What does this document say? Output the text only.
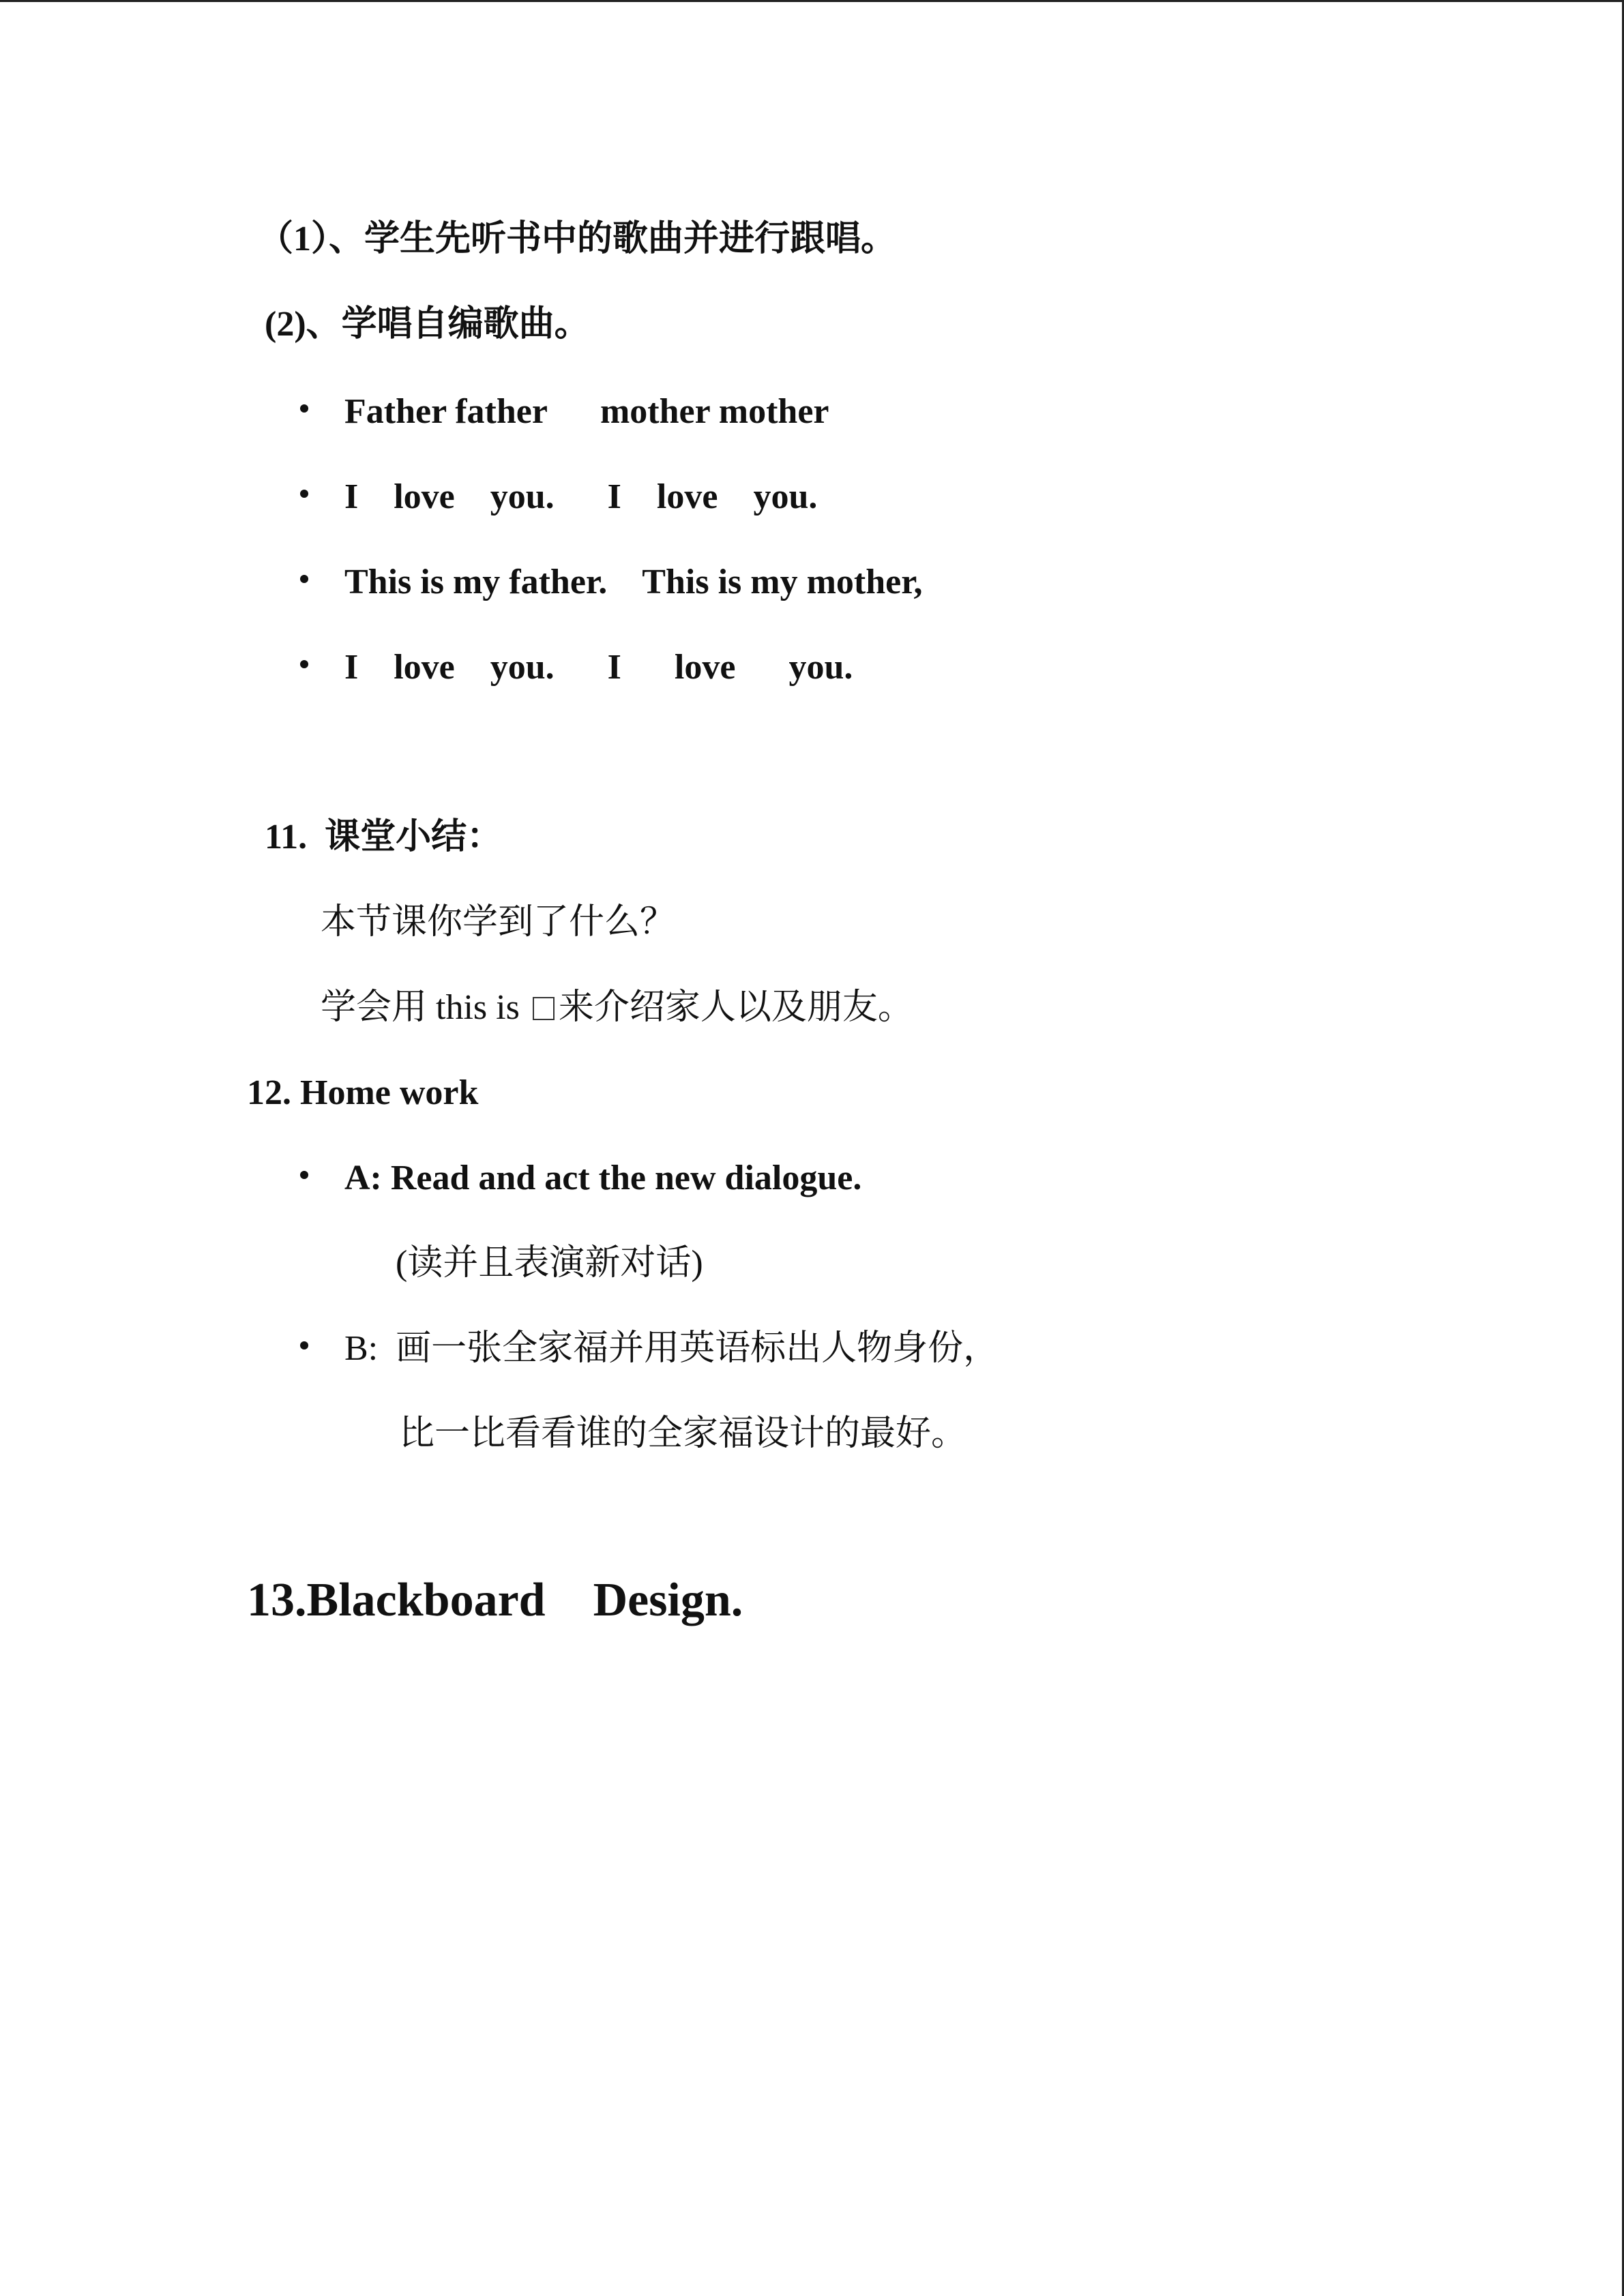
（1）、学生先听书中的歌曲并进行跟唱。
(2)、学唱自编歌曲。
Father father      mother mother
I    love    you.      I    love    you.
This is my father.    This is my mother,
I    love    you.      I      love      you.
11.  课堂小结：
本节课你学到了什么？
学会用 this is 来介绍家人以及朋友。
12. Home work
A: Read and act the new dialogue.
(读并且表演新对话)
B:  画一张全家福并用英语标出人物身份，
比一比看看谁的全家福设计的最好。
13.Blackboard    Design.
